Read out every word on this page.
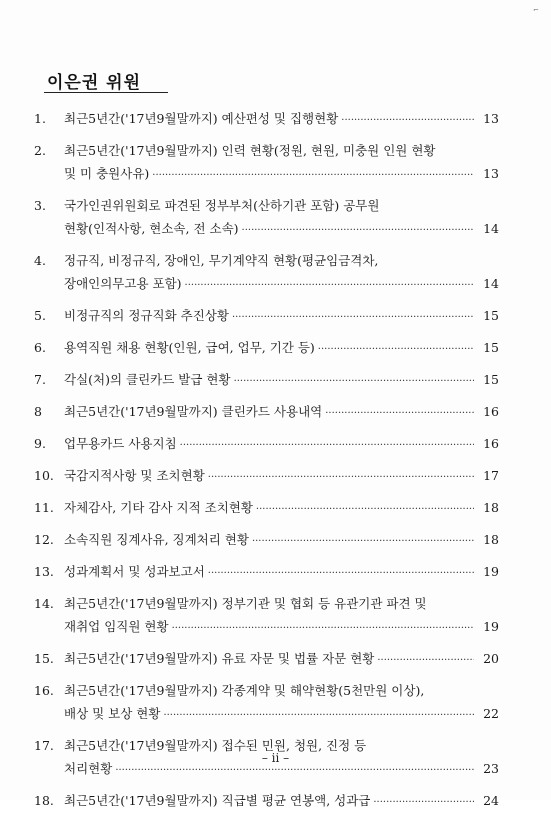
⌐
이은권 위원
1.	최근5년간('17년9월말까지) 예산편성 및 집행현황 ·····	13
2.	최근5년간('17년9월말까지) 인력 현황(정원, 현원, 미충원 인원 현황
및 미 충원사유) ·····	13
3.	국가인권위원회로 파견된 정부부처(산하기관 포함) 공무원
현황(인적사항, 현소속, 전 소속) ·····	14
4.	정규직, 비정규직, 장애인, 무기계약직 현황(평균임금격차,
장애인의무고용 포함) ·····	14
5.	비정규직의 정규직화 추진상황 ·····	15
6.	용역직원 채용 현황(인원, 급여, 업무, 기간 등) ·····	15
7.	각실(처)의 클린카드 발급 현황 ·····	15
8	최근5년간('17년9월말까지) 클린카드 사용내역 ·····	16
9.	업무용카드 사용지침 ·····	16
10. 국감지적사항 및 조치현황 ·····	17
11. 자체감사, 기타 감사 지적 조치현황 ·····	18
12. 소속직원 징계사유, 징계처리 현황 ·····	18
13. 성과계획서 및 성과보고서 ·····	19
14. 최근5년간('17년9월말까지) 정부기관 및 협회 등 유관기관 파견 및
재취업 임직원 현황 ·····	19
15. 최근5년간('17년9월말까지) 유료 자문 및 법률 자문 현황 ·····	20
16. 최근5년간('17년9월말까지) 각종계약 및 해약현황(5천만원 이상),
배상 및 보상 현황 ·····	22
17. 최근5년간('17년9월말까지) 접수된 민원, 청원, 진정 등
처리현황 ·····	23
18. 최근5년간('17년9월말까지) 직급별 평균 연봉액, 성과급 ·····	24
– ii –
